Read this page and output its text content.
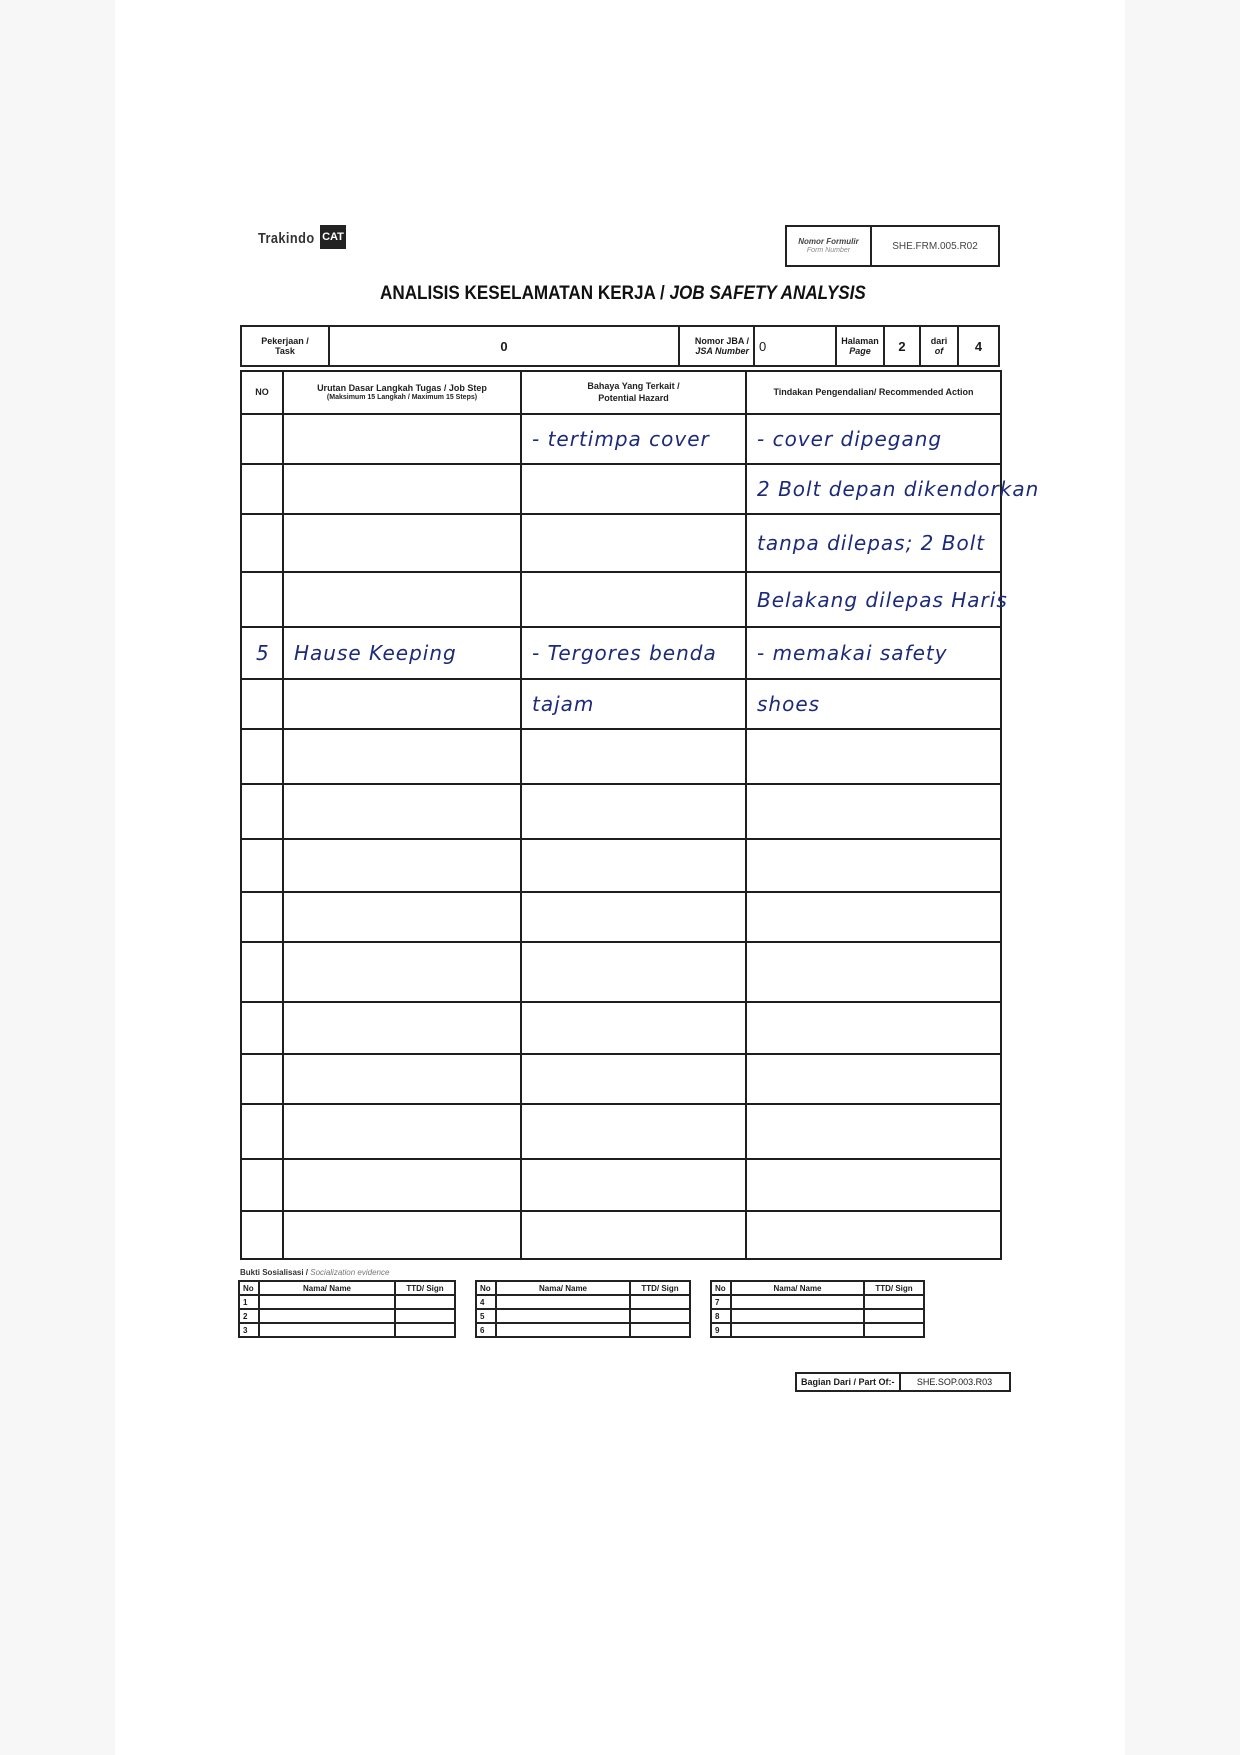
Trakindo CAT	Nomor Formulir
Form Number	SHE.FRM.005.R02
ANALISIS KESELAMATAN KERJA / JOB SAFETY ANALYSIS
Pekerjaan /
Task	0	Nomor JBA /
JSA Number 0	Halaman
Page	2	dari
of	4
NO	Urutan Dasar Langkah Tugas / Job Step
(Maksimum 15 Langkah / Maximum 15 Steps)	Bahaya Yang Terkait /
Potential Hazard	Tindakan Pengendalian/ Recommended Action
		- tertimpa cover	- cover dipegang
			2 Bolt depan dikendorkan
			tanpa dilepas; 2 Bolt
			Belakang dilepas Haris
5	Hause Keeping	- Tergores benda	- memakai safety
		tajam	shoes

Bukti Sosialisasi / Socialization evidence
No	Nama/ Name	TTD/ Sign
1		
2		
3		
No	Nama/ Name	TTD/ Sign
4		
5		
6		
No	Nama/ Name	TTD/ Sign
7		
8		
9		
Bagian Dari / Part Of:-	SHE.SOP.003.R03
